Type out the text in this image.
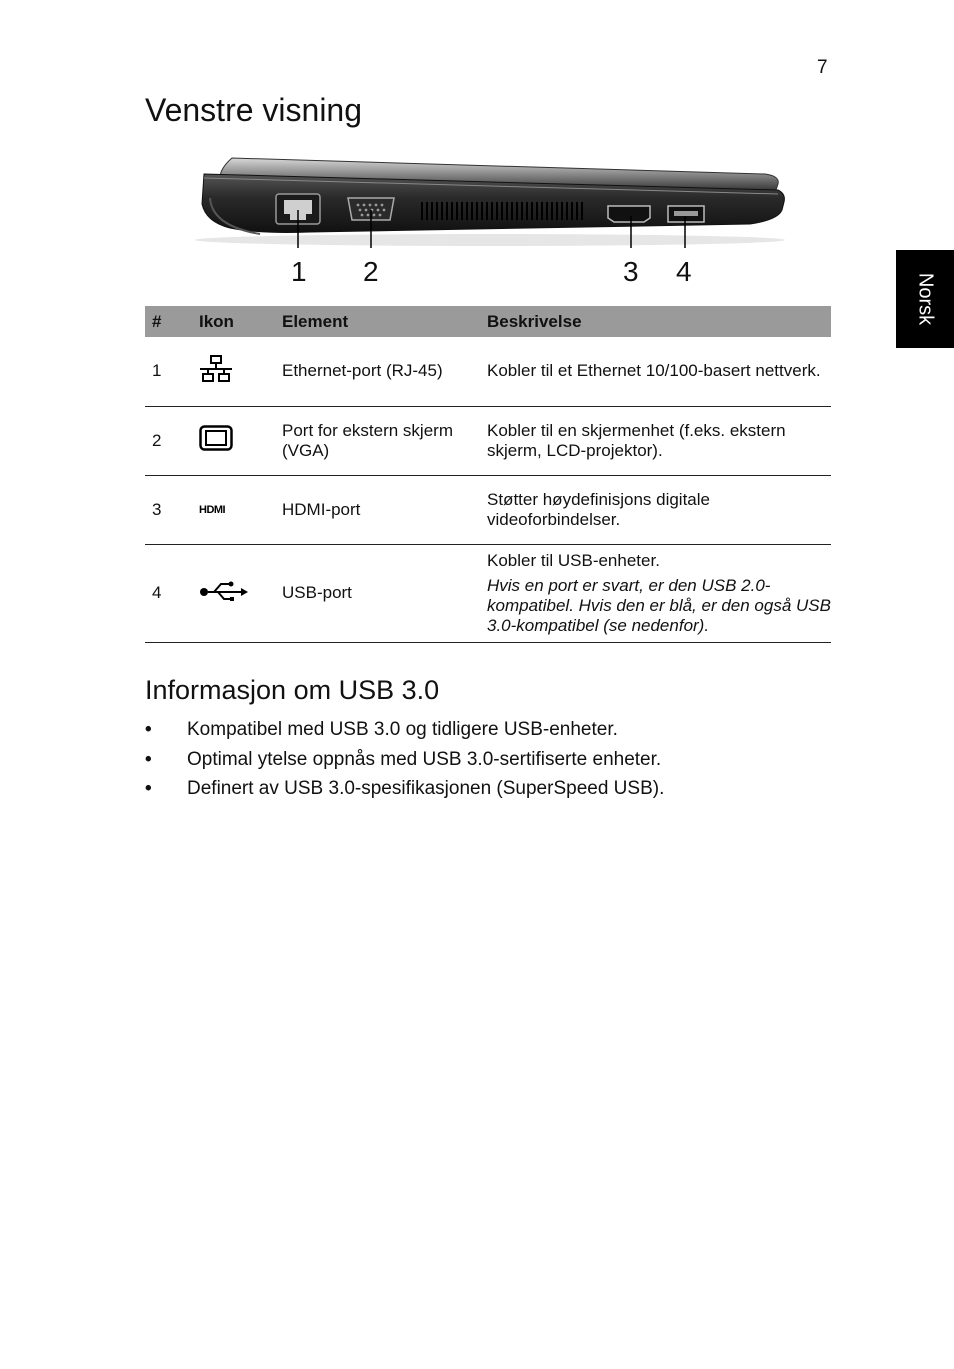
7
Norsk
Venstre visning
1 2	3 4
#	Ikon	Element	Beskrivelse
1		Ethernet-port (RJ-45)	Kobler til et Ethernet 10/100-basert nettverk.
2		Port for ekstern skjerm (VGA)	Kobler til en skjermenhet (f.eks. ekstern skjerm, LCD-projektor).
3	HDMI	HDMI-port	Støtter høydefinisjons digitale videoforbindelser.
4		USB-port	Kobler til USB-enheter.
Hvis en port er svart, er den USB 2.0-kompatibel. Hvis den er blå, er den også USB 3.0-kompatibel (se nedenfor).
Informasjon om USB 3.0
• Kompatibel med USB 3.0 og tidligere USB-enheter.
• Optimal ytelse oppnås med USB 3.0-sertifiserte enheter.
• Definert av USB 3.0-spesifikasjonen (SuperSpeed USB).
